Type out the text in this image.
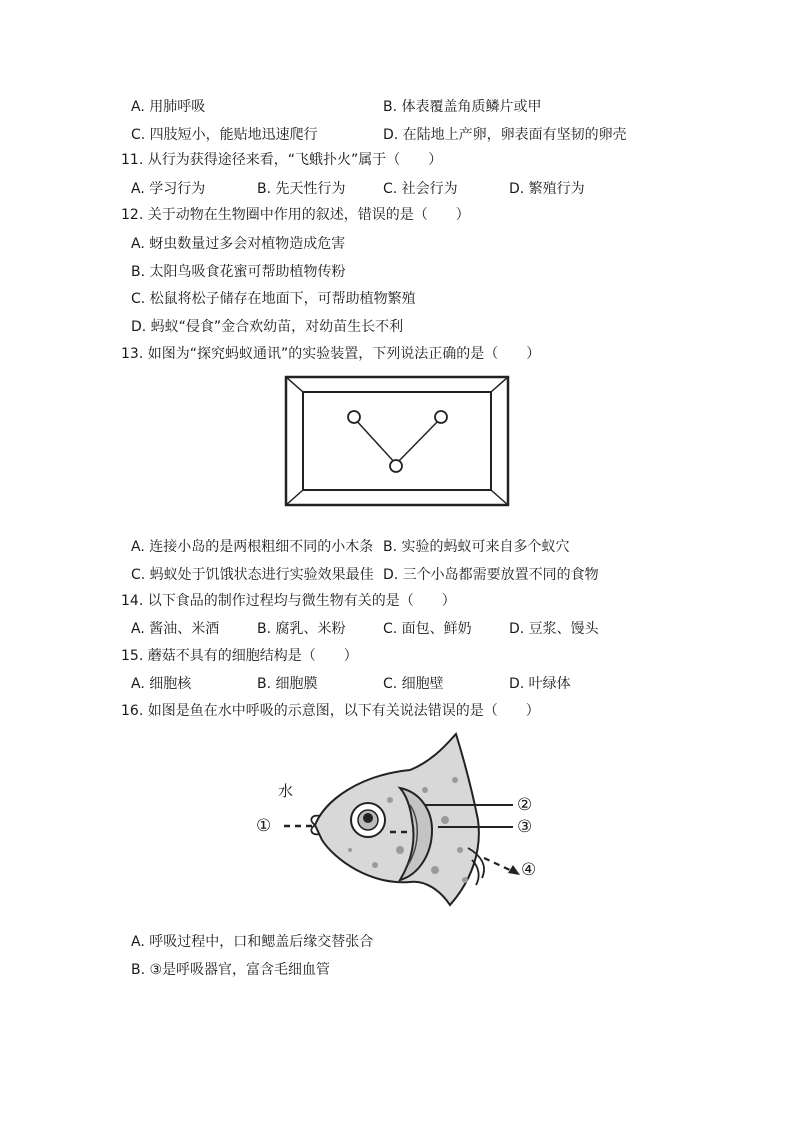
A. 用肺呼吸	B. 体表覆盖角质鳞片或甲
C. 四肢短小，能贴地迅速爬行	D. 在陆地上产卵，卵表面有坚韧的卵壳
11. 从行为获得途径来看，“飞蛾扑火”属于（　　）
A. 学习行为	B. 先天性行为	C. 社会行为	D. 繁殖行为
12. 关于动物在生物圈中作用的叙述，错误的是（　　）
A. 蚜虫数量过多会对植物造成危害
B. 太阳鸟吸食花蜜可帮助植物传粉
C. 松鼠将松子储存在地面下，可帮助植物繁殖
D. 蚂蚁“侵食”金合欢幼苗，对幼苗生长不利
13. 如图为“探究蚂蚁通讯”的实验装置，下列说法正确的是（　　）
A. 连接小岛的是两根粗细不同的小木条 B. 实验的蚂蚁可来自多个蚁穴
C. 蚂蚁处于饥饿状态进行实验效果最佳 D. 三个小岛都需要放置不同的食物
14. 以下食品的制作过程均与微生物有关的是（　　）
A. 酱油、米酒	B. 腐乳、米粉	C. 面包、鲜奶	D. 豆浆、馒头
15. 蘑菇不具有的细胞结构是（　　）
A. 细胞核	B. 细胞膜	C. 细胞壁	D. 叶绿体
16. 如图是鱼在水中呼吸的示意图，以下有关说法错误的是（　　）
水
①
②
③
④
A. 呼吸过程中，口和鳃盖后缘交替张合
B. ③是呼吸器官，富含毛细血管
